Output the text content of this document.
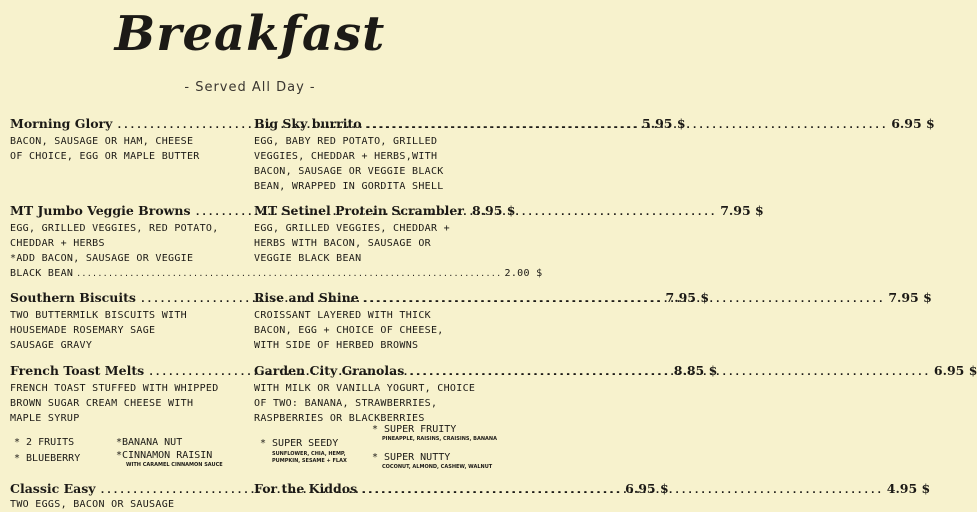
Breakfast
- Served All Day -
Morning Glory .....	5.95 $
BACON, SAUSAGE OR HAM, CHEESE
OF CHOICE, EGG OR MAPLE BUTTER
Big Sky burrito .....	6.95 $
EGG, BABY RED POTATO, GRILLED
VEGGIES, CHEDDAR + HERBS,WITH
BACON, SAUSAGE OR VEGGIE BLACK
BEAN, WRAPPED IN GORDITA SHELL
MT Jumbo Veggie Browns .....	7.95 $
EGG, GRILLED VEGGIES, RED POTATO,
CHEDDAR + HERBS
*ADD BACON, SAUSAGE OR VEGGIE
BLACK BEAN .....	2.00 $
MT Setinel Protein Scrambler 8.95 $
EGG, GRILLED VEGGIES, CHEDDAR +
HERBS WITH BACON, SAUSAGE OR
VEGGIE BLACK BEAN
Southern Biscuits .....	7.95 $
TWO BUTTERMILK BISCUITS WITH
HOUSEMADE ROSEMARY SAGE
SAUSAGE GRAVY
Rise and Shine .....	7.95 $
CROISSANT LAYERED WITH THICK
BACON, EGG + CHOICE OF CHEESE,
WITH SIDE OF HERBED BROWNS
French Toast Melts .....	8.85 $
FRENCH TOAST STUFFED WITH WHIPPED
BROWN SUGAR CREAM CHEESE WITH
MAPLE SYRUP
* 2 FRUITS
* BLUEBERRY
*BANANA NUT
*CINNAMON RAISIN
WITH CARAMEL CINNAMON SAUCE
Garden City Granolas .....	6.95 $
WITH MILK OR VANILLA YOGURT, CHOICE
OF TWO: BANANA, STRAWBERRIES,
RASPBERRIES OR BLACKBERRIES
* SUPER SEEDY
SUNFLOWER, CHIA, HEMP,
PUMPKIN, SESAME + FLAX
* SUPER FRUITY
PINEAPPLE, RAISINS, CRAISINS, BANANA
* SUPER NUTTY
COCONUT, ALMOND, CASHEW, WALNUT
Classic Easy .....	6.95 $
TWO EGGS, BACON OR SAUSAGE
For the Kiddos .....	4.95 $
